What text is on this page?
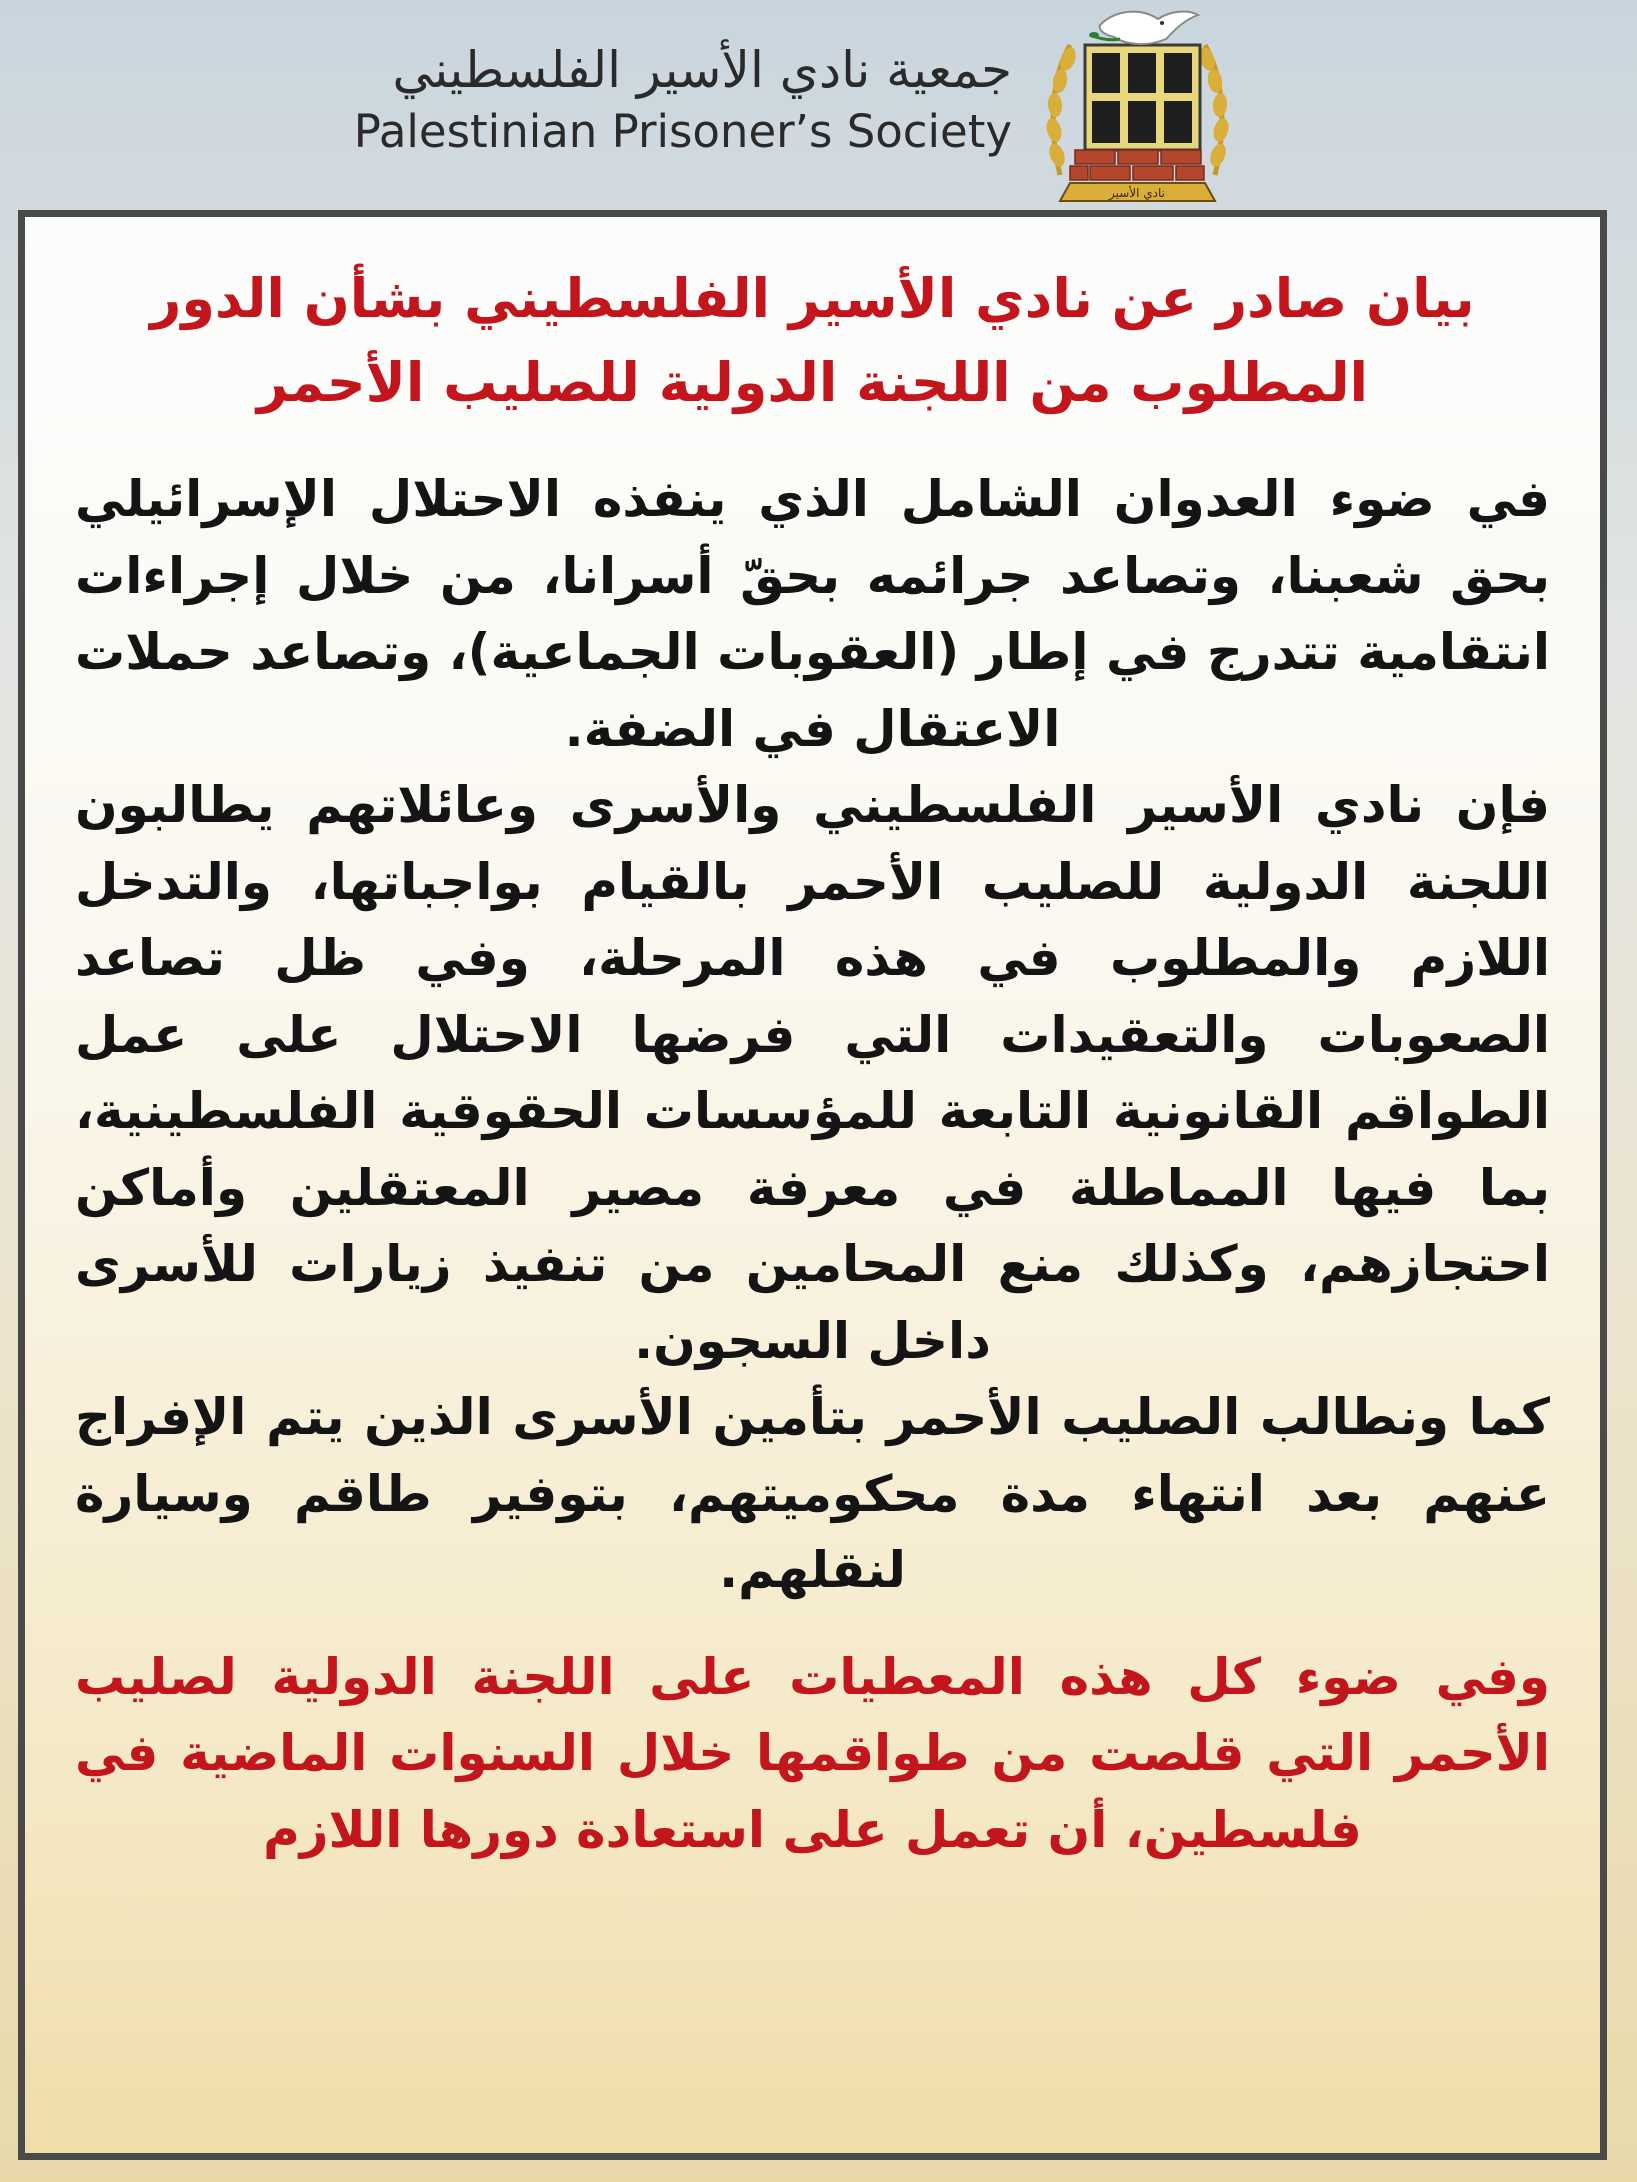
جمعية نادي الأسير الفلسطيني
Palestinian Prisoner’s Society
نادي الأسير

بيان صادر عن نادي الأسير الفلسطيني بشأن الدور المطلوب من اللجنة الدولية للصليب الأحمر

في ضوء العدوان الشامل الذي ينفذه الاحتلال الإسرائيلي بحق شعبنا، وتصاعد جرائمه بحقّ أسرانا، من خلال إجراءات انتقامية تتدرج في إطار (العقوبات الجماعية)، وتصاعد حملات الاعتقال في الضفة.

فإن نادي الأسير الفلسطيني والأسرى وعائلاتهم يطالبون اللجنة الدولية للصليب الأحمر بالقيام بواجباتها، والتدخل اللازم والمطلوب في هذه المرحلة، وفي ظل تصاعد الصعوبات والتعقيدات التي فرضها الاحتلال على عمل الطواقم القانونية التابعة للمؤسسات الحقوقية الفلسطينية، بما فيها المماطلة في معرفة مصير المعتقلين وأماكن احتجازهم، وكذلك منع المحامين من تنفيذ زيارات للأسرى داخل السجون.

كما ونطالب الصليب الأحمر بتأمين الأسرى الذين يتم الإفراج عنهم بعد انتهاء مدة محكوميتهم، بتوفير طاقم وسيارة لنقلهم.

وفي ضوء كل هذه المعطيات على اللجنة الدولية لصليب الأحمر التي قلصت من طواقمها خلال السنوات الماضية في فلسطين، أن تعمل على استعادة دورها اللازم
